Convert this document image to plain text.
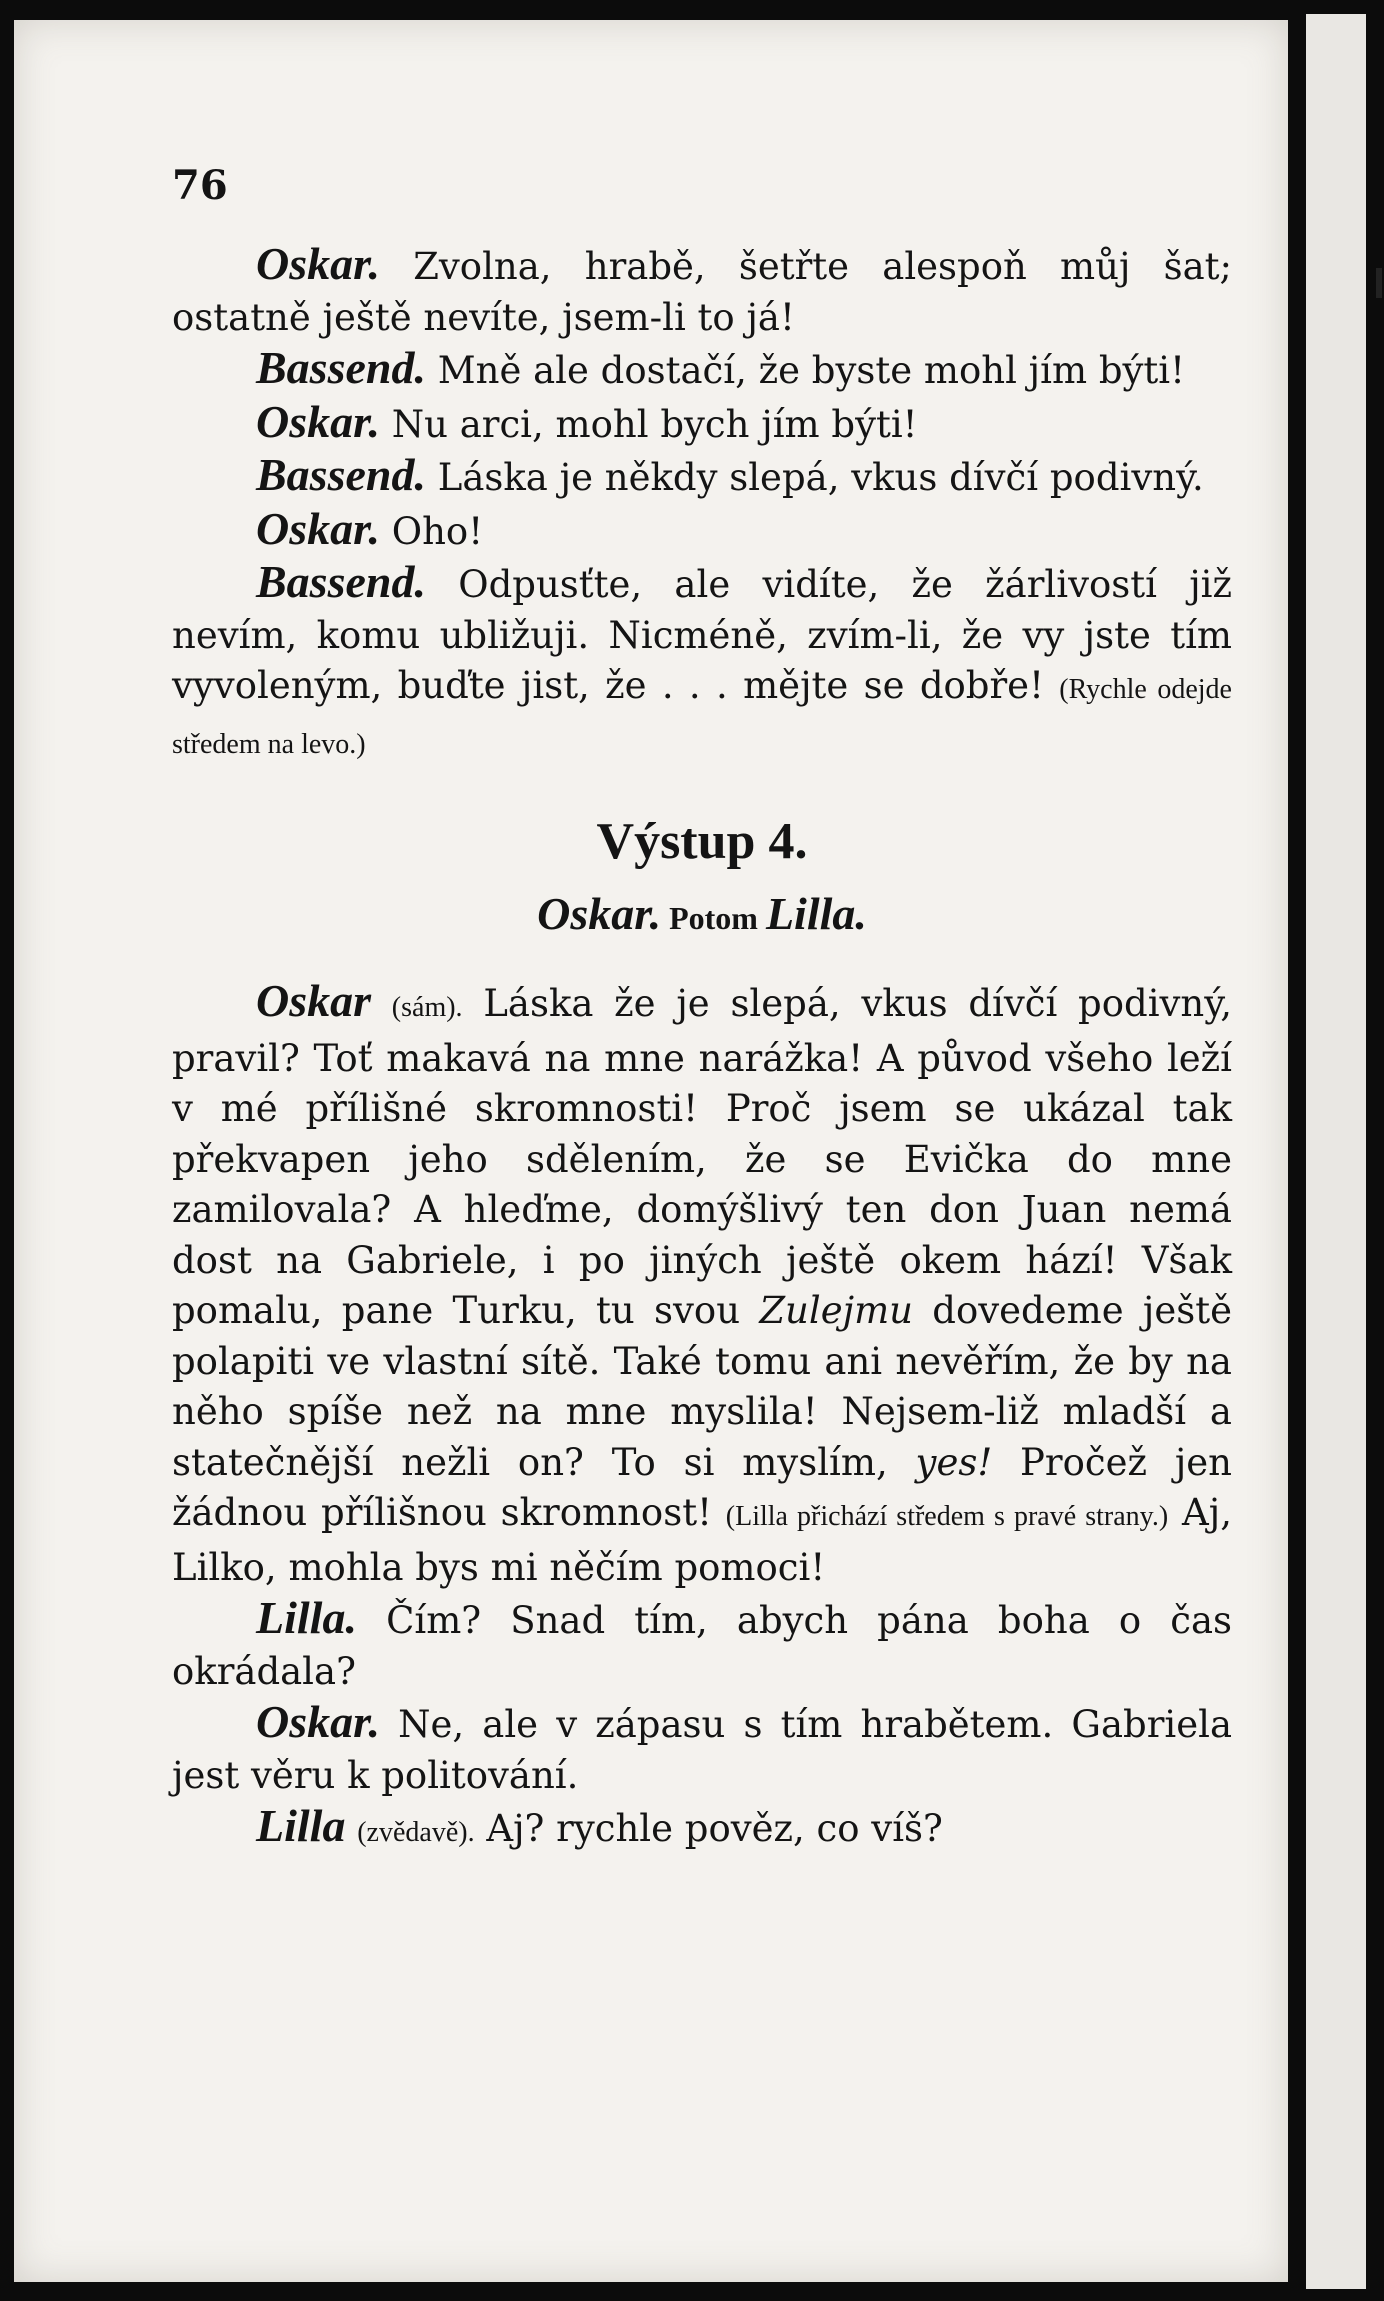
76

Oskar. Zvolna, hrabě, šetřte alespoň můj šat; ostatně ještě nevíte, jsem-li to já!

Bassend. Mně ale dostačí, že byste mohl jím býti!

Oskar. Nu arci, mohl bych jím býti!

Bassend. Láska je někdy slepá, vkus dívčí podivný.

Oskar. Oho!

Bassend. Odpusťte, ale vidíte, že žárlivostí již nevím, komu ubližuji. Nicméně, zvím-li, že vy jste tím vyvoleným, buďte jist, že . . . mějte se dobře! (Rychle odejde středem na levo.)

Výstup 4.
Oskar. Potom Lilla.

Oskar (sám). Láska že je slepá, vkus dívčí podivný, pravil? Toť makavá na mne narážka! A původ všeho leží v mé přílišné skromnosti! Proč jsem se ukázal tak překvapen jeho sdělením, že se Evička do mne zamilovala? A hleďme, domýšlivý ten don Juan nemá dost na Gabriele, i po jiných ještě okem hází! Však pomalu, pane Turku, tu svou Zulejmu dovedeme ještě polapiti ve vlastní sítě. Také tomu ani nevěřím, že by na něho spíše než na mne myslila! Nejsem-liž mladší a statečnější nežli on? To si myslím, yes! Pročež jen žádnou přílišnou skromnost! (Lilla přichází středem s pravé strany.) Aj, Lilko, mohla bys mi něčím pomoci!

Lilla. Čím? Snad tím, abych pána boha o čas okrádala?

Oskar. Ne, ale v zápasu s tím hrabětem. Gabriela jest věru k politování.

Lilla (zvědavě). Aj? rychle pověz, co víš?
